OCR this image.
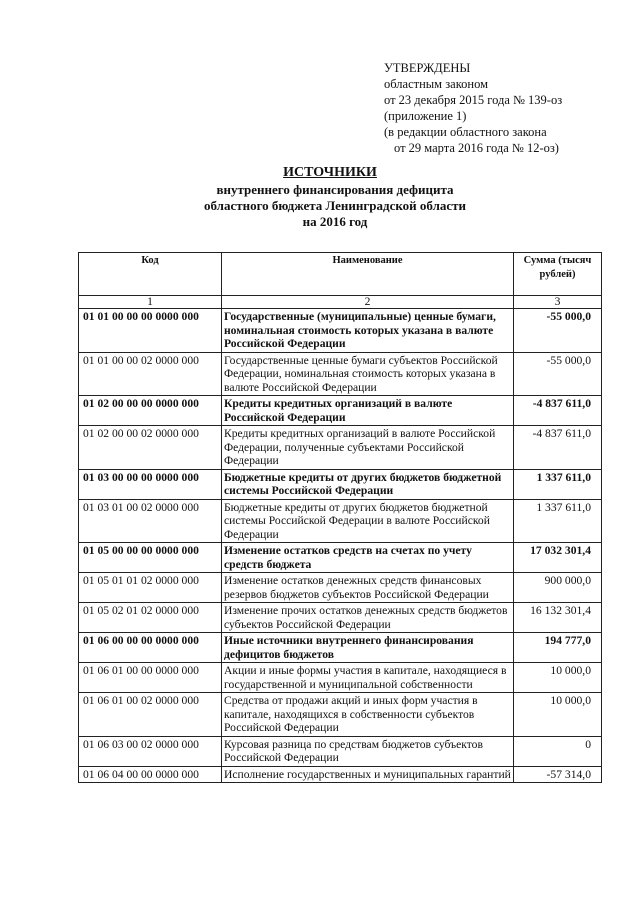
УТВЕРЖДЕНЫ
областным законом
от 23 декабря 2015 года № 139-оз
(приложение 1)
(в редакции областного закона
от 29 марта 2016 года № 12-оз)
ИСТОЧНИКИ
внутреннего финансирования дефицита
областного бюджета Ленинградской области
на 2016 год
Код	Наименование	Сумма (тысяч рублей)
1	2	3
01 01 00 00 00 0000 000	Государственные (муниципальные) ценные бумаги, номинальная стоимость которых указана в валюте Российской Федерации	-55 000,0
01 01 00 00 02 0000 000	Государственные ценные бумаги субъектов Российской Федерации, номинальная стоимость которых указана в валюте Российской Федерации	-55 000,0
01 02 00 00 00 0000 000	Кредиты кредитных организаций в валюте Российской Федерации	-4 837 611,0
01 02 00 00 02 0000 000	Кредиты кредитных организаций в валюте Российской Федерации, полученные субъектами Российской Федерации	-4 837 611,0
01 03 00 00 00 0000 000	Бюджетные кредиты от других бюджетов бюджетной системы Российской Федерации	1 337 611,0
01 03 01 00 02 0000 000	Бюджетные кредиты от других бюджетов бюджетной системы Российской Федерации в валюте Российской Федерации	1 337 611,0
01 05 00 00 00 0000 000	Изменение остатков средств на счетах по учету средств бюджета	17 032 301,4
01 05 01 01 02 0000 000	Изменение остатков денежных средств финансовых резервов бюджетов субъектов Российской Федерации	900 000,0
01 05 02 01 02 0000 000	Изменение прочих остатков денежных средств бюджетов субъектов Российской Федерации	16 132 301,4
01 06 00 00 00 0000 000	Иные источники внутреннего финансирования дефицитов бюджетов	194 777,0
01 06 01 00 00 0000 000	Акции и иные формы участия в капитале, находящиеся в государственной и муниципальной собственности	10 000,0
01 06 01 00 02 0000 000	Средства от продажи акций и иных форм участия в капитале, находящихся в собственности субъектов Российской Федерации	10 000,0
01 06 03 00 02 0000 000	Курсовая разница по средствам бюджетов субъектов Российской Федерации	0
01 06 04 00 00 0000 000	Исполнение государственных и муниципальных гарантий	-57 314,0
